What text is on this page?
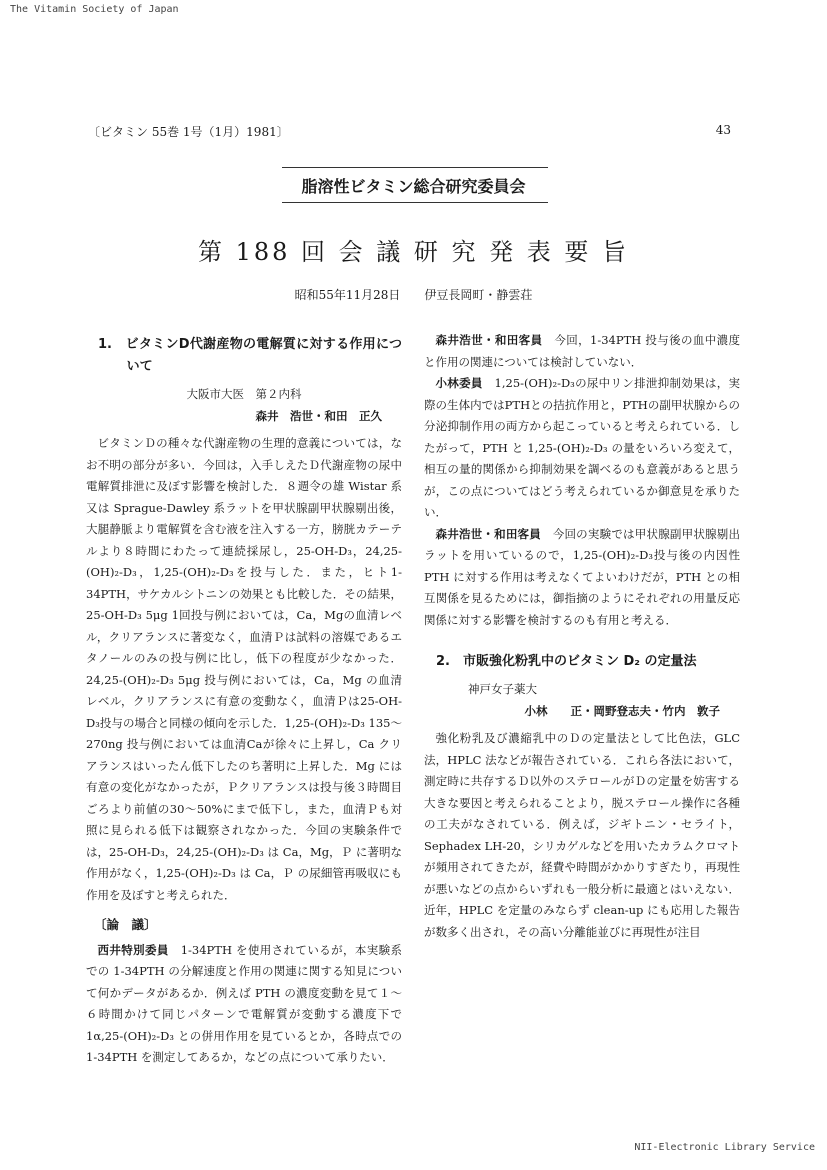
The Vitamin Society of Japan
NII-Electronic Library Service
〔ビタミン 55巻 1号（1月）1981〕	43
脂溶性ビタミン総合研究委員会
第 188 回 会 議 研 究 発 表 要 旨
昭和55年11月28日　　伊豆長岡町・静雲荘
1.　ビタミンD代謝産物の電解質に対する作用について
大阪市大医　第２内科
森井　浩世・和田　正久

ビタミンＤの種々な代謝産物の生理的意義については，なお不明の部分が多い．今回は，入手しえたＤ代謝産物の尿中電解質排泄に及ぼす影響を検討した．８週令の雄 Wistar 系又は Sprague-Dawley 系ラットを甲状腺副甲状腺剔出後，大腿静脈より電解質を含む液を注入する一方，膀胱カテーテルより８時間にわたって連続採尿し，25-OH-D₃，24,25-(OH)₂-D₃，1,25-(OH)₂-D₃を投与した．また，ヒト1-34PTH，サケカルシトニンの効果とも比較した．その結果，25-OH-D₃ 5μg 1回投与例においては，Ca，Mgの血清レベル，クリアランスに著変なく，血清Ｐは試料の溶媒であるエタノールのみの投与例に比し，低下の程度が少なかった．24,25-(OH)₂-D₃ 5μg 投与例においては，Ca，Mg の血清レベル，クリアランスに有意の変動なく，血清Ｐは25-OH-D₃投与の場合と同様の傾向を示した．1,25-(OH)₂-D₃ 135～270ng 投与例においては血清Caが徐々に上昇し，Ca クリアランスはいったん低下したのち著明に上昇した．Mg には有意の変化がなかったが，Ｐクリアランスは投与後３時間目ごろより前値の30～50%にまで低下し，また，血清Ｐも対照に見られる低下は観察されなかった．今回の実験条件では，25-OH-D₃，24,25-(OH)₂-D₃ は Ca，Mg，Ｐ に著明な作用がなく，1,25-(OH)₂-D₃ は Ca，Ｐ の尿細管再吸収にも作用を及ぼすと考えられた．

〔論　議〕

西井特別委員　 1-34PTH を使用されているが，本実験系での 1-34PTH の分解速度と作用の関連に関する知見について何かデータがあるか．例えば PTH の濃度変動を見て１～６時間かけて同じパターンで電解質が変動する濃度下で 1α,25-(OH)₂-D₃ との併用作用を見ているとか，各時点での 1-34PTH を測定してあるか，などの点について承りたい．

森井浩世・和田客員　 今回，1-34PTH 投与後の血中濃度と作用の関連については検討していない．

小林委員　 1,25-(OH)₂-D₃の尿中リン排泄抑制効果は，実際の生体内ではPTHとの拮抗作用と，PTHの副甲状腺からの分泌抑制作用の両方から起こっていると考えられている．したがって，PTH と 1,25-(OH)₂-D₃ の量をいろいろ変えて，相互の量的関係から抑制効果を調べるのも意義があると思うが，この点についてはどう考えられているか御意見を承りたい．

森井浩世・和田客員　 今回の実験では甲状腺副甲状腺剔出ラットを用いているので，1,25-(OH)₂-D₃投与後の内因性 PTH に対する作用は考えなくてよいわけだが，PTH との相互関係を見るためには，御指摘のようにそれぞれの用量反応関係に対する影響を検討するのも有用と考える．

2.　市販強化粉乳中のビタミン D₂ の定量法
神戸女子薬大
小林　　正・岡野登志夫・竹内　敦子

強化粉乳及び濃縮乳中のＤの定量法として比色法，GLC 法，HPLC 法などが報告されている．これら各法において，測定時に共存するＤ以外のステロールがＤの定量を妨害する大きな要因と考えられることより，脱ステロール操作に各種の工夫がなされている．例えば，ジギトニン・セライト，Sephadex LH-20，シリカゲルなどを用いたカラムクロマトが頻用されてきたが，経費や時間がかかりすぎたり，再現性が悪いなどの点からいずれも一般分析に最適とはいえない．近年，HPLC を定量のみならず clean-up にも応用した報告が数多く出され，その高い分離能並びに再現性が注目
